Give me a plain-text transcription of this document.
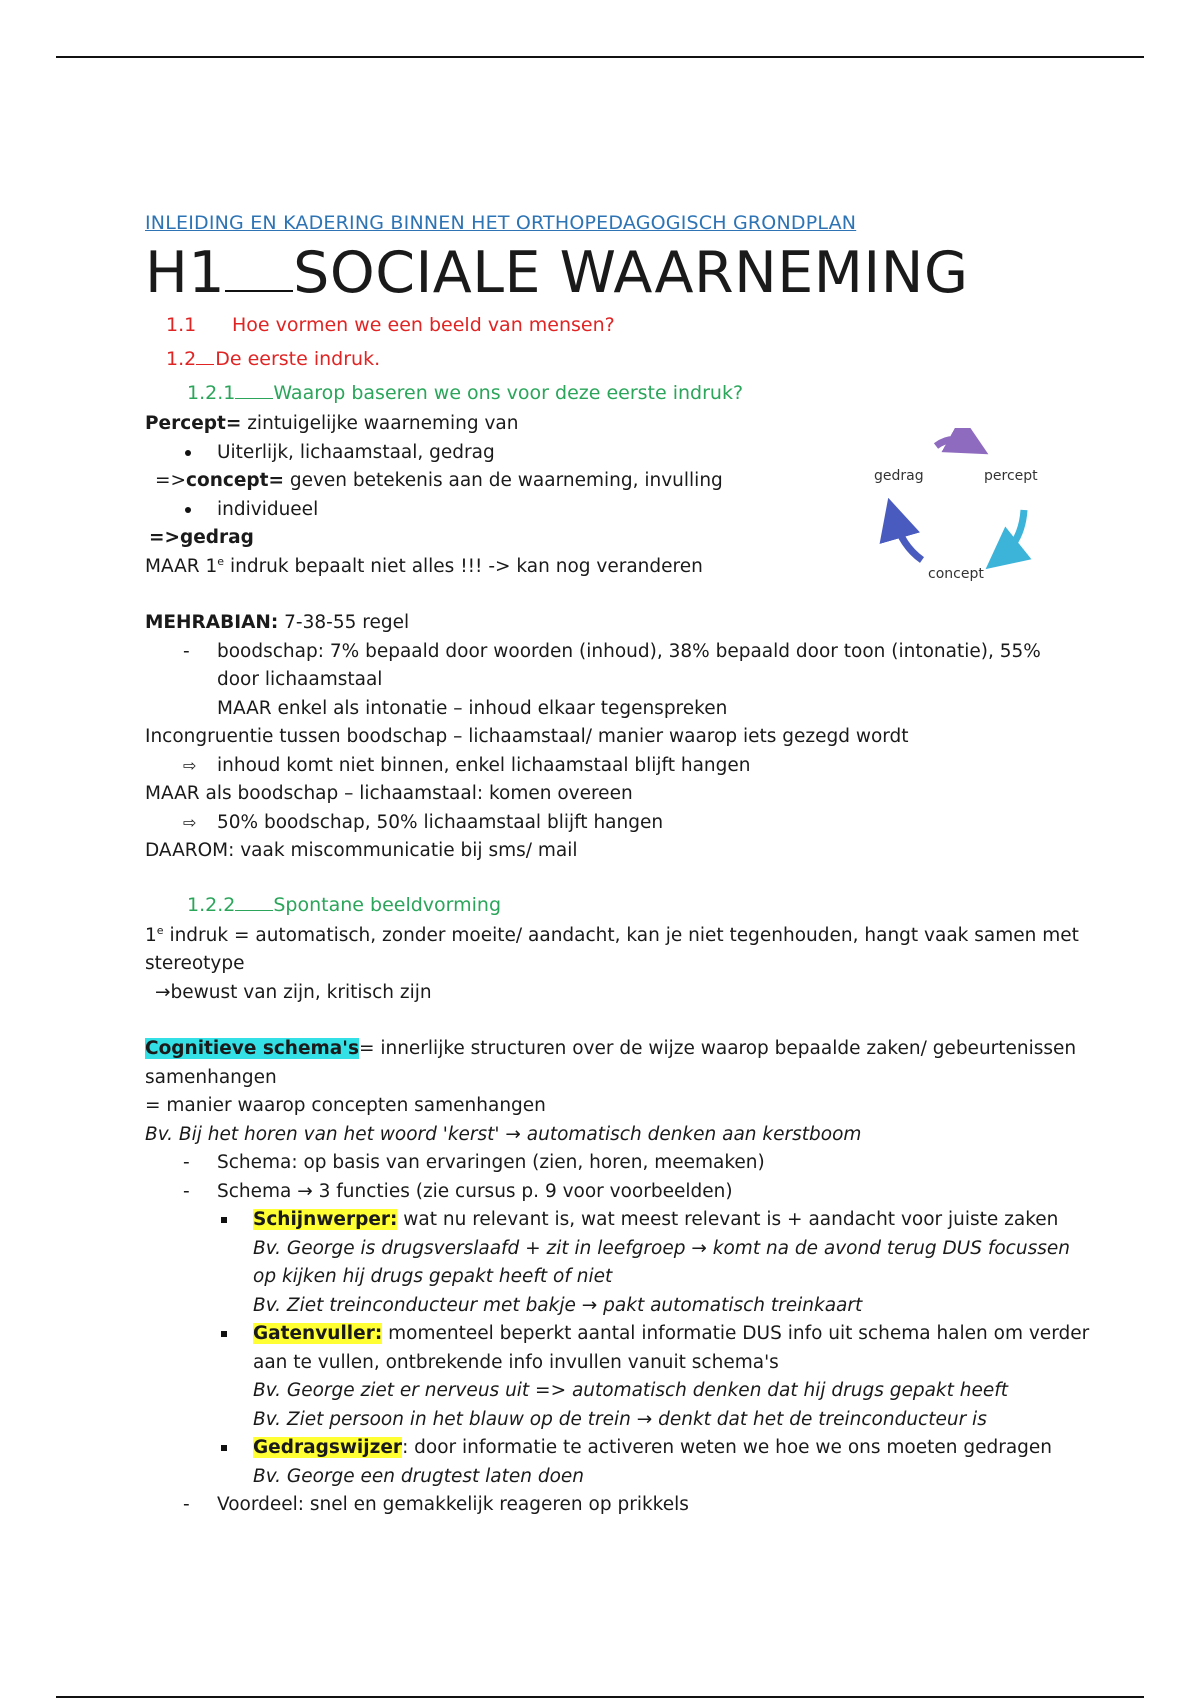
INLEIDING EN KADERING BINNEN HET ORTHOPEDAGOGISCH GRONDPLAN

H1 SOCIALE WAARNEMING
1.1 Hoe vormen we een beeld van mensen?
1.2 De eerste indruk.
1.2.1 Waarop baseren we ons voor deze eerste indruk?
Percept= zintuigelijke waarneming van
Uiterlijk, lichaamstaal, gedrag
=>concept= geven betekenis aan de waarneming, invulling
individueel
=>gedrag
MAAR 1e indruk bepaalt niet alles !!! -> kan nog veranderen
MEHRABIAN: 7-38-55 regel
-boodschap: 7% bepaald door woorden (inhoud), 38% bepaald door toon (intonatie), 55%
door lichaamstaal
MAAR enkel als intonatie – inhoud elkaar tegenspreken
Incongruentie tussen boodschap – lichaamstaal/ manier waarop iets gezegd wordt
⇨inhoud komt niet binnen, enkel lichaamstaal blijft hangen
MAAR als boodschap – lichaamstaal: komen overeen
⇨50% boodschap, 50% lichaamstaal blijft hangen
DAAROM: vaak miscommunicatie bij sms/ mail
1.2.2 Spontane beeldvorming
1e indruk = automatisch, zonder moeite/ aandacht, kan je niet tegenhouden, hangt vaak samen met
stereotype
→bewust van zijn, kritisch zijn
Cognitieve schema's= innerlijke structuren over de wijze waarop bepaalde zaken/ gebeurtenissen
samenhangen
= manier waarop concepten samenhangen
Bv. Bij het horen van het woord 'kerst' → automatisch denken aan kerstboom
-Schema: op basis van ervaringen (zien, horen, meemaken)
-Schema → 3 functies (zie cursus p. 9 voor voorbeelden)
Schijnwerper: wat nu relevant is, wat meest relevant is + aandacht voor juiste zaken
Bv. George is drugsverslaafd + zit in leefgroep → komt na de avond terug DUS focussen
op kijken hij drugs gepakt heeft of niet
Bv. Ziet treinconducteur met bakje → pakt automatisch treinkaart
Gatenvuller: momenteel beperkt aantal informatie DUS info uit schema halen om verder
aan te vullen, ontbrekende info invullen vanuit schema's
Bv. George ziet er nerveus uit => automatisch denken dat hij drugs gepakt heeft
Bv. Ziet persoon in het blauw op de trein → denkt dat het de treinconducteur is
Gedragswijzer: door informatie te activeren weten we hoe we ons moeten gedragen
Bv. George een drugtest laten doen
-Voordeel: snel en gemakkelijk reageren op prikkels
gedrag	percept
concept
